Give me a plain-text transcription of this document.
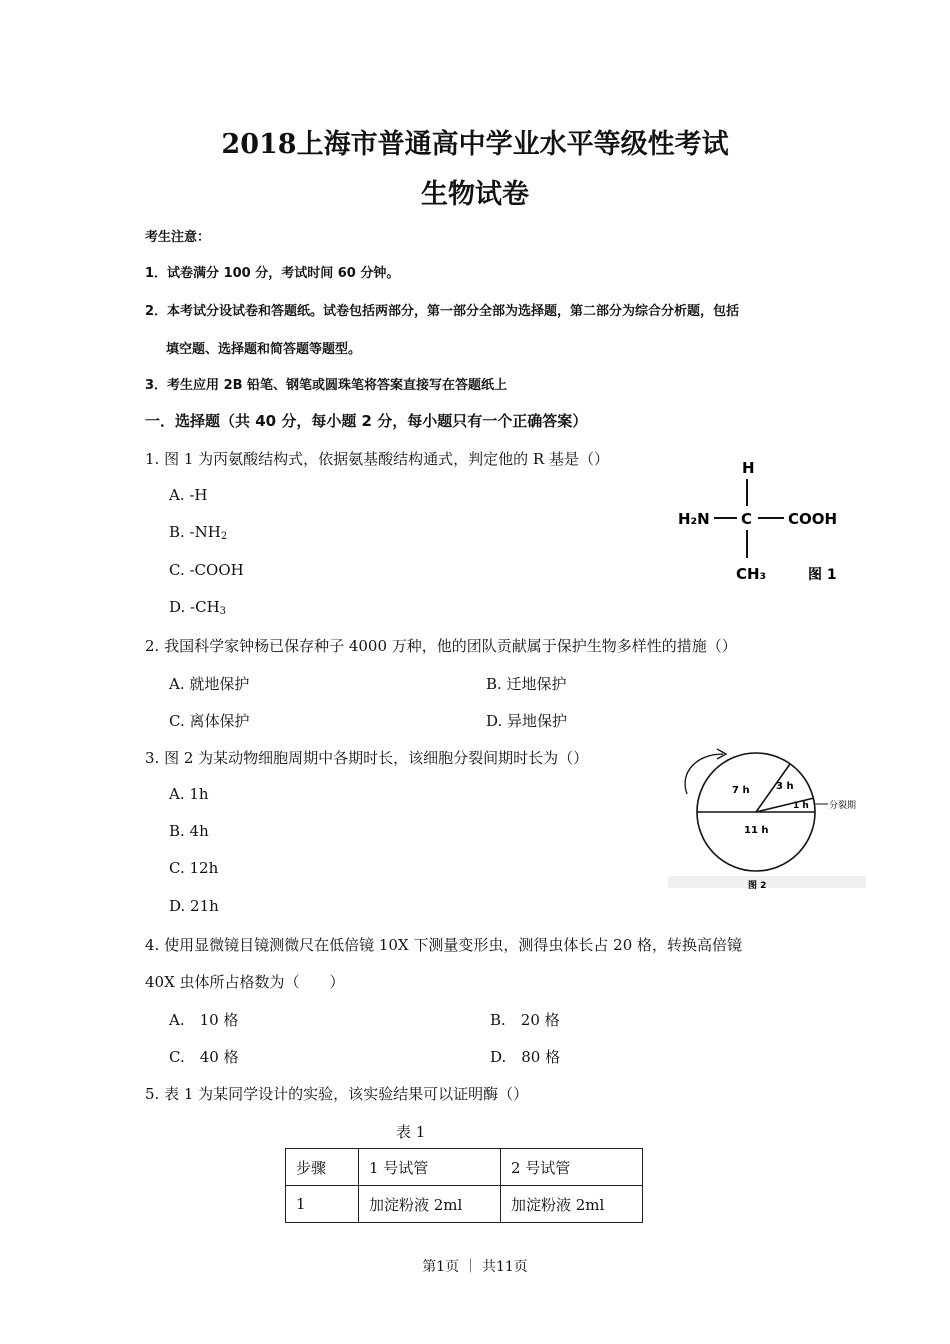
2018上海市普通高中学业水平等级性考试
生物试卷
考生注意：
1．试卷满分 100 分，考试时间 60 分钟。
2．本考试分设试卷和答题纸。试卷包括两部分，第一部分全部为选择题，第二部分为综合分析题，包括
填空题、选择题和简答题等题型。
3．考生应用 2B 铅笔、钢笔或圆珠笔将答案直接写在答题纸上
一．选择题（共 40 分，每小题 2 分，每小题只有一个正确答案）
1. 图 1 为丙氨酸结构式，依据氨基酸结构通式，判定他的 R 基是（）
A. -H
B. $-NH_2$
C. -COOH
D. $-CH_3$
H
H₂N C COOH
CH₃	图 1
2. 我国科学家钟杨已保存种子 4000 万种，他的团队贡献属于保护生物多样性的措施（）
A. 就地保护	B. 迁地保护
C. 离体保护	D. 异地保护
3. 图 2 为某动物细胞周期中各期时长，该细胞分裂间期时长为（）
A. 1h
B. 4h
C. 12h
D. 21h
7 h	3 h
1 h
11 h
分裂期
图 2
4. 使用显微镜目镜测微尺在低倍镜 10X 下测量变形虫，测得虫体长占 20 格，转换高倍镜
40X 虫体所占格数为（　　）
A.　10 格	B.　20 格
C.　40 格	D.　80 格
5. 表 1 为某同学设计的实验，该实验结果可以证明酶（）
表 1
步骤	1 号试管	2 号试管
1	加淀粉液 2ml	加淀粉液 2ml
第1页 ｜ 共11页
